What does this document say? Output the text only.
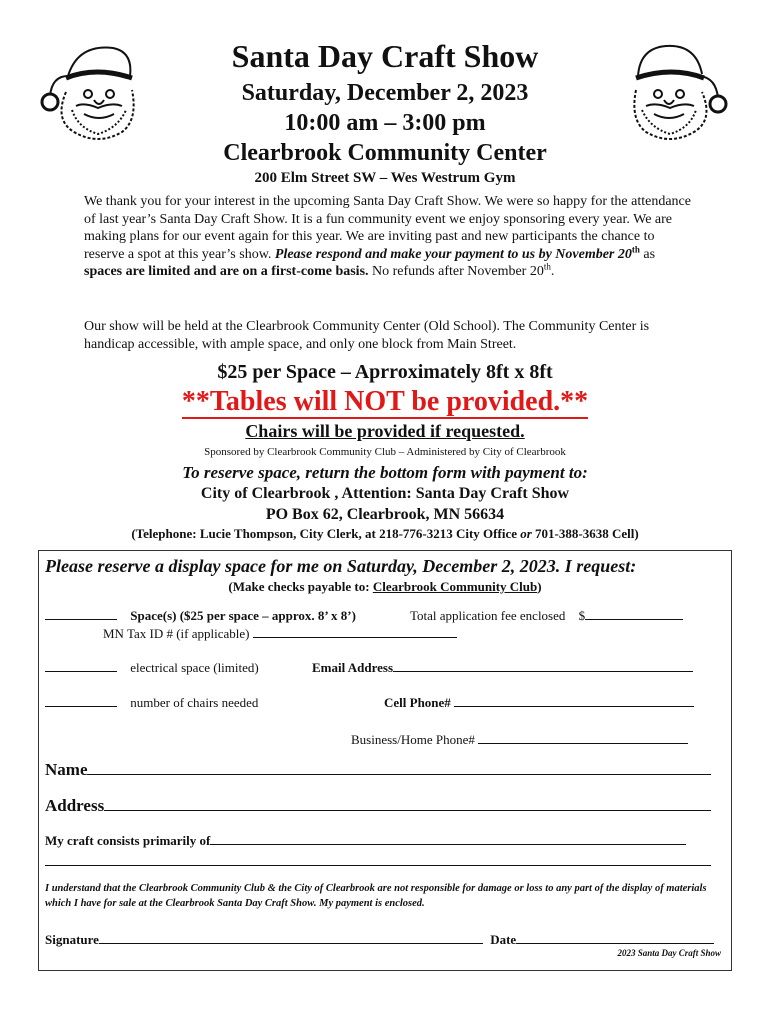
Santa Day Craft Show
Saturday, December 2, 2023
10:00 am – 3:00 pm
Clearbrook Community Center
200 Elm Street SW – Wes Westrum Gym

We thank you for your interest in the upcoming Santa Day Craft Show. We were so happy for the attendance of last year’s Santa Day Craft Show. It is a fun community event we enjoy sponsoring every year. We are making plans for our event again for this year. We are inviting past and new participants the chance to reserve a spot at this year’s show. Please respond and make your payment to us by November 20th as spaces are limited and are on a first-come basis. No refunds after November 20th.

Our show will be held at the Clearbrook Community Center (Old School). The Community Center is handicap accessible, with ample space, and only one block from Main Street.
$25 per Space – Aprroximately 8ft x 8ft
**Tables will NOT be provided.**
Chairs will be provided if requested.
Sponsored by Clearbrook Community Club – Administered by City of Clearbrook
To reserve space, return the bottom form with payment to:
City of Clearbrook , Attention: Santa Day Craft Show
PO Box 62, Clearbrook, MN 56634
(Telephone: Lucie Thompson, City Clerk, at 218-776-3213 City Office or 701-388-3638 Cell)
Please reserve a display space for me on Saturday, December 2, 2023. I request:
(Make checks payable to: Clearbrook Community Club)
Space(s) ($25 per space – approx. 8’ x 8’)	Total application fee enclosed $
MN Tax ID # (if applicable)
electrical space (limited)	Email Address
number of chairs needed	Cell Phone#
Business/Home Phone#
Name
Address
My craft consists primarily of
I understand that the Clearbrook Community Club & the City of Clearbrook are not responsible for damage or loss to any part of the display of materials which I have for sale at the Clearbrook Santa Day Craft Show. My payment is enclosed.
Signature	Date
2023 Santa Day Craft Show
